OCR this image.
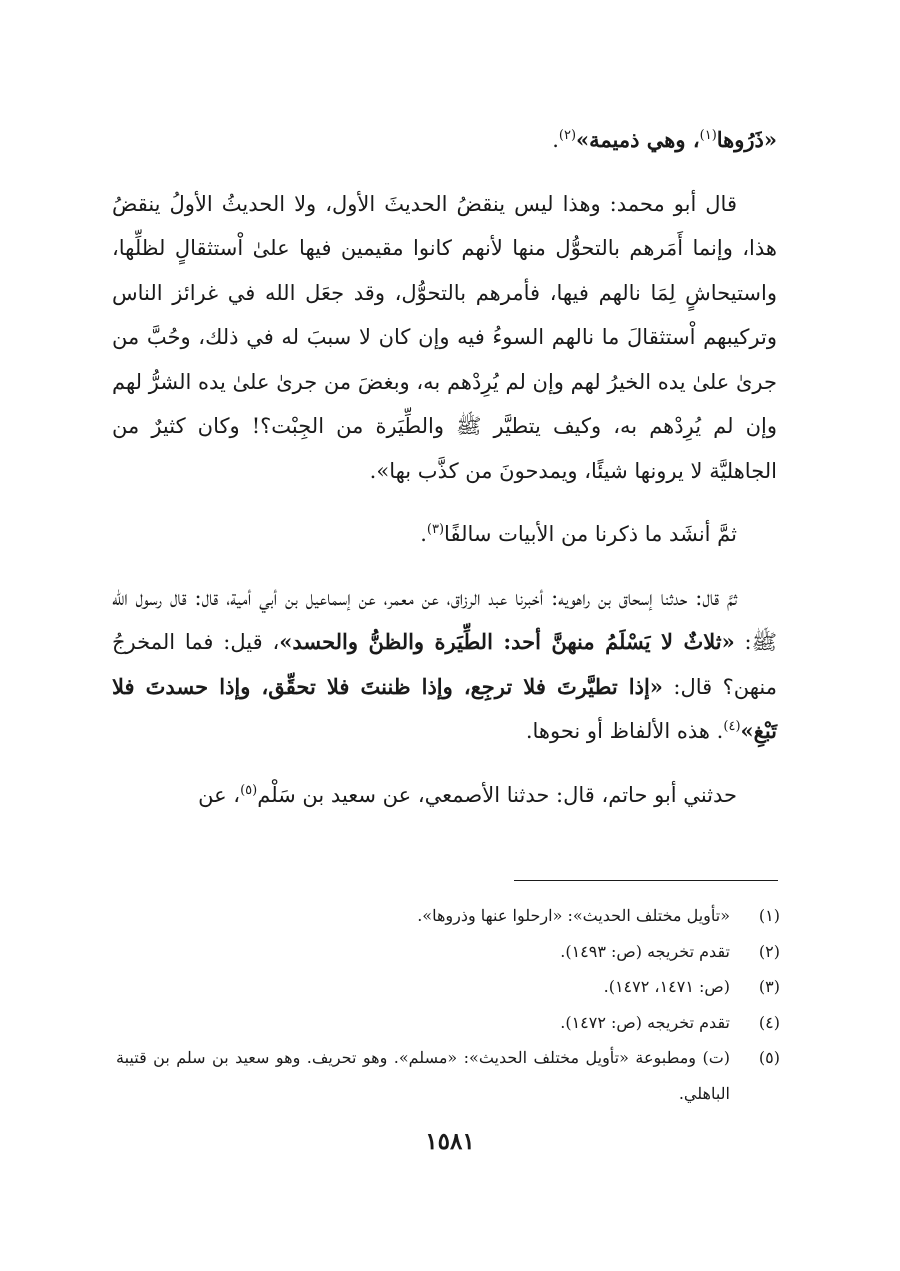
«ذَرُوها$^{(١)}$، وهي ذميمة»$^{(٢)}$.

قال أبو محمد: وهذا ليس ينقضُ الحديثَ الأول، ولا الحديثُ الأولُ ينقضُ هذا، وإنما أَمَرهم بالتحوُّل منها لأنهم كانوا مقيمين فيها علىٰ اْستثقالٍ لظلِّها، واستيحاشٍ لِمَا نالهم فيها، فأمرهم بالتحوُّل، وقد جعَل الله في غرائز الناس وتركيبهم اْستثقالَ ما نالهم السوءُ فيه وإن كان لا سببَ له في ذلك، وحُبَّ من جرىٰ علىٰ يده الخيرُ لهم وإن لم يُرِدْهم به، وبغضَ من جرىٰ علىٰ يده الشرُّ لهم وإن لم يُرِدْهم به، وكيف يتطيَّر ﷺ والطِّيَرة من الجِبْت؟! وكان كثيرٌ من الجاهليَّة لا يرونها شيئًا، ويمدحونَ من كذَّب بها».

ثمَّ أنشَد ما ذكرنا من الأبيات سالفًا$^{(٣)}$.

ثمَّ قال: حدثنا إسحاق بن راهويه: أخبرنا عبد الرزاق، عن معمر، عن إسماعيل بن أبي أمية، قال: قال رسول الله ﷺ: «ثلاثٌ لا يَسْلَمُ منهنَّ أحد: الطِّيَرة والظنُّ والحسد»، قيل: فما المخرجُ منهن؟ قال: «إذا تطيَّرتَ فلا ترجِع، وإذا ظننتَ فلا تحقِّق، وإذا حسدتَ فلا تَبْغِ»$^{(٤)}$. هذه الألفاظ أو نحوها.

حدثني أبو حاتم، قال: حدثنا الأصمعي، عن سعيد بن سَلْم$^{(٥)}$، عن

(١)
«تأويل مختلف الحديث»: «ارحلوا عنها وذروها».
(٢)
تقدم تخريجه (ص: ١٤٩٣).
(٣)
(ص: ١٤٧١، ١٤٧٢).
(٤)
تقدم تخريجه (ص: ١٤٧٢).
(٥)
(ت) ومطبوعة «تأويل مختلف الحديث»: «مسلم». وهو تحريف. وهو سعيد بن سلم بن قتيبة الباهلي.
١٥٨١
